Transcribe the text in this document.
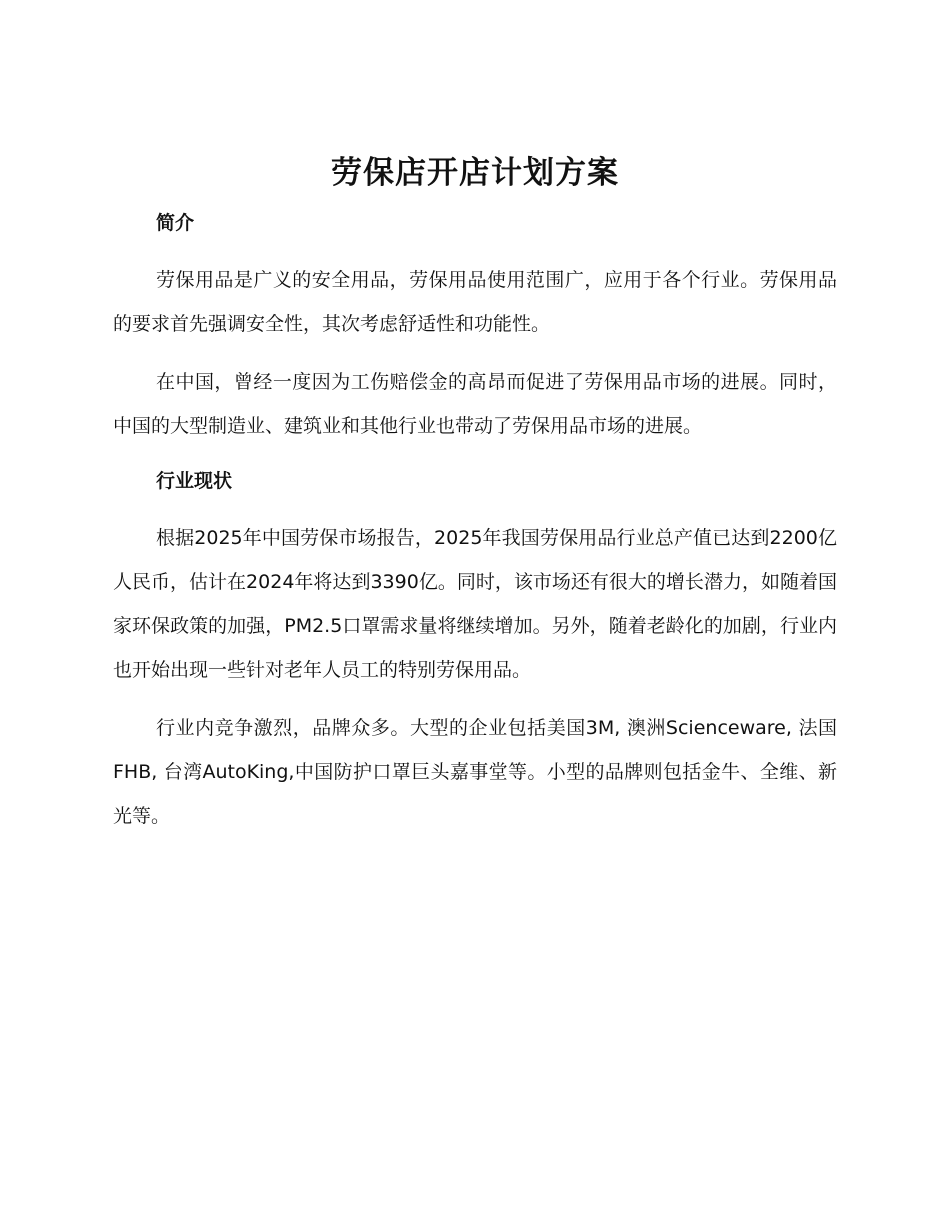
劳保店开店计划方案
简介

劳保用品是广义的安全用品，劳保用品使用范围广，应用于各个行业。劳保用品的要求首先强调安全性，其次考虑舒适性和功能性。

在中国，曾经一度因为工伤赔偿金的高昂而促进了劳保用品市场的进展。同时，中国的大型制造业、建筑业和其他行业也带动了劳保用品市场的进展。

行业现状

根据2025年中国劳保市场报告，2025年我国劳保用品行业总产值已达到2200亿人民币，估计在2024年将达到3390亿。同时，该市场还有很大的增长潜力，如随着国家环保政策的加强，PM2.5口罩需求量将继续增加。另外，随着老龄化的加剧，行业内也开始出现一些针对老年人员工的特别劳保用品。

行业内竞争激烈，品牌众多。大型的企业包括美国3M, 澳洲Scienceware, 法国FHB, 台湾AutoKing,中国防护口罩巨头嘉事堂等。小型的品牌则包括金牛、全维、新光等。
